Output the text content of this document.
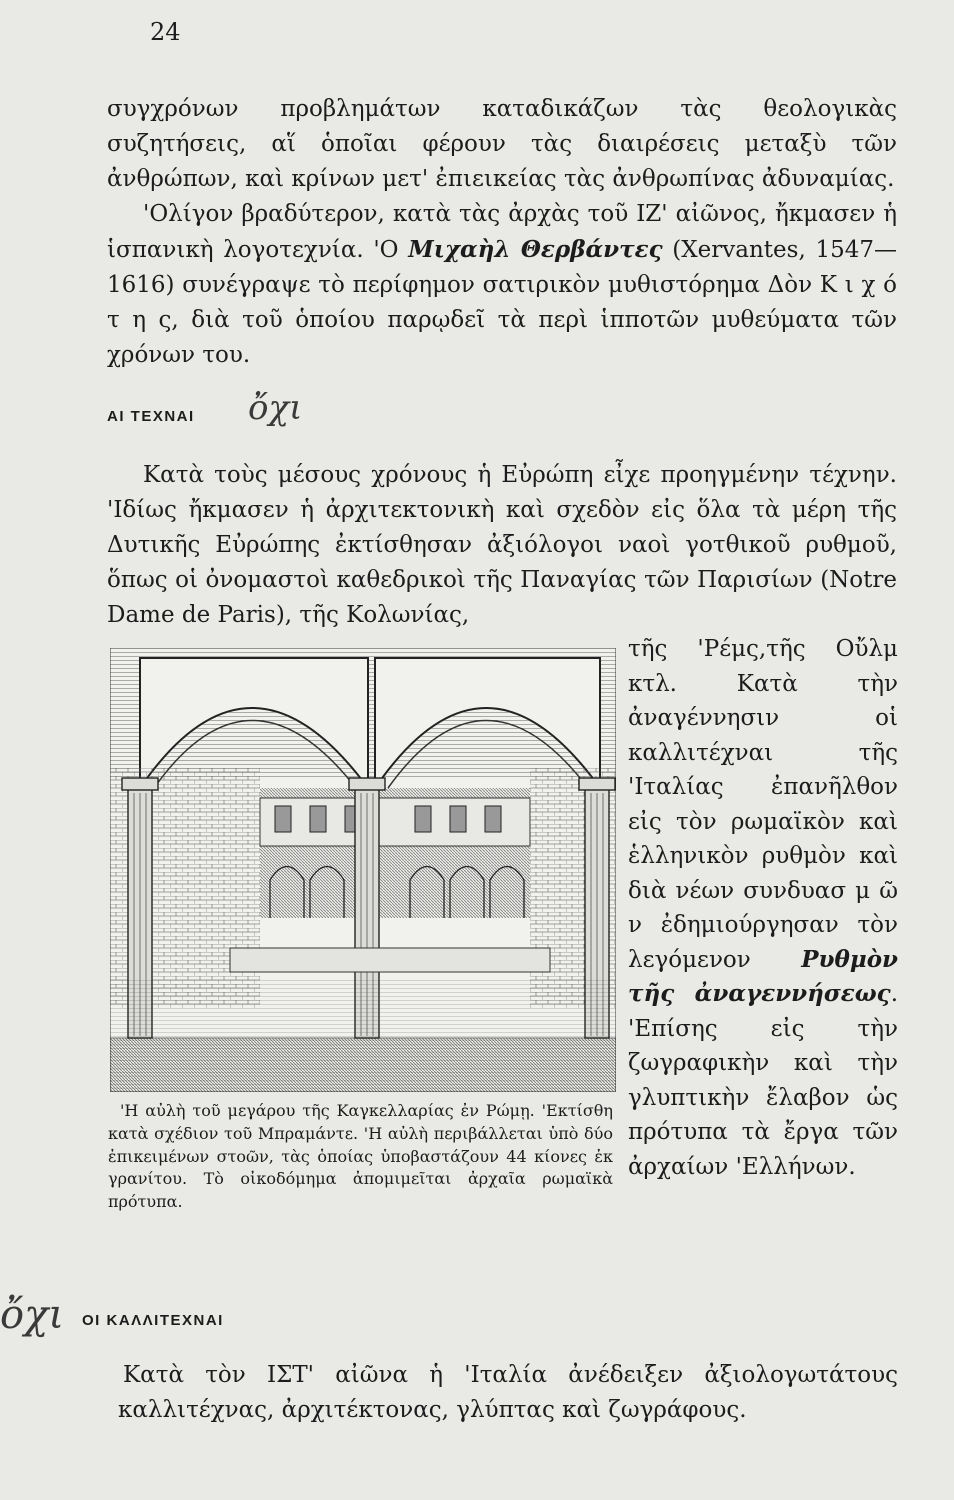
24

συγχρόνων προβλημάτων καταδικάζων τὰς θεολογικὰς συζητήσεις, αἵ ὁποῖαι φέρουν τὰς διαιρέσεις μεταξὺ τῶν ἀνθρώπων, καὶ κρίνων μετ' ἐπιεικείας τὰς ἀνθρωπίνας ἀδυναμίας.

'Ολίγον βραδύτερον, κατὰ τὰς ἀρχὰς τοῦ ΙΖ' αἰῶνος, ἤκμασεν ἡ ἱσπανικὴ λογοτεχνία. 'Ο Μιχαὴλ Θερβάντες (Xervantes, 1547—1616) συνέγραψε τὸ περίφημον σατιρικὸν μυθιστόρημα Δὸν Κ ι χ ό τ η ς, διὰ τοῦ ὁποίου παρῳδεῖ τὰ περὶ ἱπποτῶν μυθεύματα τῶν χρόνων του.

ΑΙ ΤΕΧΝΑΙ ὄχι

Κατὰ τοὺς μέσους χρόνους ἡ Εὐρώπη εἶχε προηγμένην τέχνην. 'Ιδίως ἤκμασεν ἡ ἀρχιτεκτονικὴ καὶ σχεδὸν εἰς ὅλα τὰ μέρη τῆς Δυτικῆς Εὐρώπης ἐκτίσθησαν ἀξιόλογοι ναοὶ γοτθικοῦ ρυθμοῦ, ὅπως οἱ ὀνομαστοὶ καθεδρικοὶ τῆς Παναγίας τῶν Παρισίων (Notre Dame de Paris), τῆς Κολωνίας,

'Η αὐλὴ τοῦ μεγάρου τῆς Καγκελλαρίας ἐν Ρώμῃ. 'Εκτίσθη κατὰ σχέδιον τοῦ Μπραμάντε. 'Η αὐλὴ περιβάλλεται ὑπὸ δύο ἐπικειμένων στοῶν, τὰς ὁποίας ὑποβαστάζουν 44 κίονες ἐκ γρανίτου. Τὸ οἰκοδόμημα ἀπομιμεῖται ἀρχαῖα ρωμαϊκὰ πρότυπα.

τῆς 'Ρέμς,τῆς Οὔλμ κτλ. Κατὰ τὴν ἀναγέννησιν οἱ καλλιτέχναι τῆς 'Ιταλίας ἐπανῆλθον εἰς τὸν ρωμαϊκὸν καὶ ἑλληνικὸν ρυθμὸν καὶ διὰ νέων συνδυασ μ ῶ ν ἐδημιούργησαν τὸν λεγόμενον Ρυθμὸν τῆς ἀναγεννήσεως. 'Επίσης εἰς τὴν ζωγραφικὴν καὶ τὴν γλυπτικὴν ἔλαβον ὡς πρότυπα τὰ ἔργα τῶν ἀρχαίων 'Ελλήνων.

ὄχι ΟΙ ΚΑΛΛΙΤΕΧΝΑΙ

Κατὰ τὸν ΙΣΤ' αἰῶνα ἡ 'Ιταλία ἀνέδειξεν ἀξιολογωτάτους καλλιτέχνας, ἀρχιτέκτονας, γλύπτας καὶ ζωγράφους.
